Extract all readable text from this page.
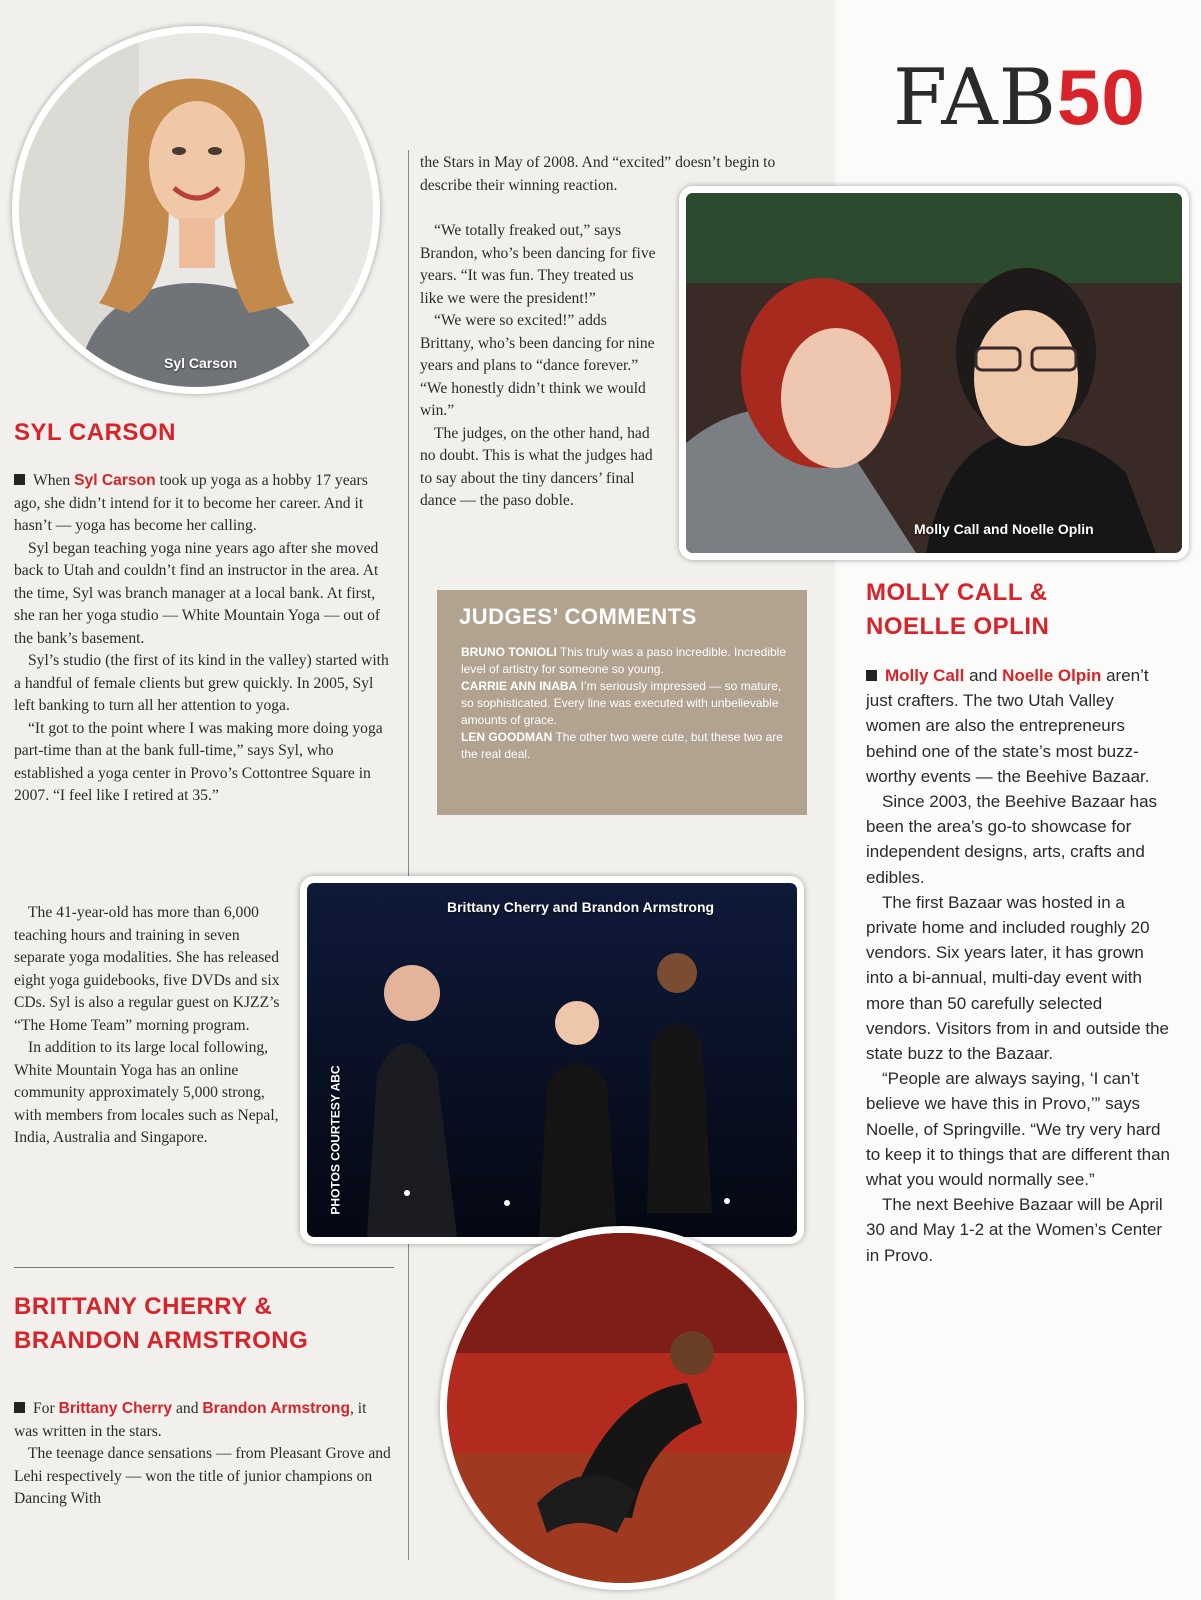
FAB50
Syl Carson
SYL CARSON

When Syl Carson took up yoga as a hobby 17 years ago, she didn’t intend for it to become her career. And it hasn’t — yoga has become her calling.

Syl began teaching yoga nine years ago after she moved back to Utah and couldn’t find an instructor in the area. At the time, Syl was branch manager at a local bank. At first, she ran her yoga studio — White Mountain Yoga — out of the bank’s basement.

Syl’s studio (the first of its kind in the valley) started with a handful of female clients but grew quickly. In 2005, Syl left banking to turn all her attention to yoga.

“It got to the point where I was making more doing yoga part-time than at the bank full-time,” says Syl, who established a yoga center in Provo’s Cottontree Square in 2007. “I feel like I retired at 35.”

The 41-year-old has more than 6,000 teaching hours and training in seven separate yoga modalities. She has released eight yoga guidebooks, five DVDs and six CDs. Syl is also a regular guest on KJZZ’s “The Home Team” morning program.

In addition to its large local following, White Mountain Yoga has an online community approximately 5,000 strong, with members from locales such as Nepal, India, Australia and Singapore.

BRITTANY CHERRY &
BRANDON ARMSTRONG

For Brittany Cherry and Brandon Armstrong, it was written in the stars.

The teenage dance sensations — from Pleasant Grove and Lehi respectively — won the title of junior champions on Dancing With

the Stars in May of 2008. And “excited” doesn’t begin to describe their winning reaction.

“We totally freaked out,” says Brandon, who’s been dancing for five years. “It was fun. They treated us like we were the president!”

“We were so excited!” adds Brittany, who’s been dancing for nine years and plans to “dance forever.” “We honestly didn’t think we would win.”

The judges, on the other hand, had no doubt. This is what the judges had to say about the tiny dancers’ final dance — the paso doble.

JUDGES’ COMMENTS
BRUNO TONIOLI This truly was a paso incredible. Incredible level of artistry for someone so young.
CARRIE ANN INABA I’m seriously impressed — so mature, so sophisticated. Every line was executed with unbelievable amounts of grace.
LEN GOODMAN The other two were cute, but these two are the real deal.
Brittany Cherry and Brandon Armstrong
PHOTOS COURTESY ABC
Molly Call and Noelle Oplin
MOLLY CALL &
NOELLE OPLIN

Molly Call and Noelle Olpin aren’t just crafters. The two Utah Valley women are also the entrepreneurs behind one of the state’s most buzz-worthy events — the Beehive Bazaar.

Since 2003, the Beehive Bazaar has been the area’s go-to showcase for independent designs, arts, crafts and edibles.

The first Bazaar was hosted in a private home and included roughly 20 vendors. Six years later, it has grown into a bi-annual, multi-day event with more than 50 carefully selected vendors. Visitors from in and outside the state buzz to the Bazaar.

“People are always saying, ‘I can’t believe we have this in Provo,’” says Noelle, of Springville. “We try very hard to keep it to things that are different than what you would normally see.”

The next Beehive Bazaar will be April 30 and May 1-2 at the Women’s Center in Provo.
